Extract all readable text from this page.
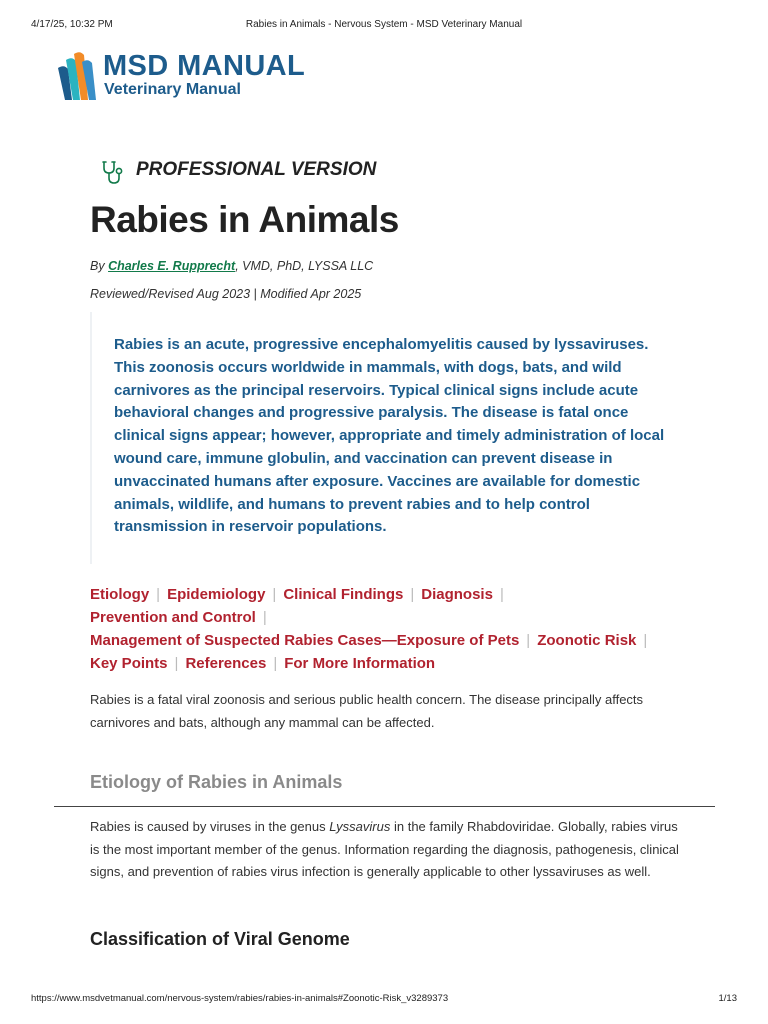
4/17/25, 10:32 PM	Rabies in Animals - Nervous System - MSD Veterinary Manual
MSD MANUAL
Veterinary Manual
PROFESSIONAL VERSION
Rabies in Animals
By Charles E. Rupprecht, VMD, PhD, LYSSA LLC
Reviewed/Revised Aug 2023 | Modified Apr 2025

Rabies is an acute, progressive encephalomyelitis caused by lyssaviruses. This zoonosis occurs worldwide in mammals, with dogs, bats, and wild carnivores as the principal reservoirs. Typical clinical signs include acute behavioral changes and progressive paralysis. The disease is fatal once clinical signs appear; however, appropriate and timely administration of local wound care, immune globulin, and vaccination can prevent disease in unvaccinated humans after exposure. Vaccines are available for domestic animals, wildlife, and humans to prevent rabies and to help control transmission in reservoir populations.

Etiology | Epidemiology | Clinical Findings | Diagnosis |
Prevention and Control |
Management of Suspected Rabies Cases—Exposure of Pets | Zoonotic Risk |
Key Points | References | For More Information

Rabies is a fatal viral zoonosis and serious public health concern. The disease principally affects carnivores and bats, although any mammal can be affected.

Etiology of Rabies in Animals

Rabies is caused by viruses in the genus Lyssavirus in the family Rhabdoviridae. Globally, rabies virus is the most important member of the genus. Information regarding the diagnosis, pathogenesis, clinical signs, and prevention of rabies virus infection is generally applicable to other lyssaviruses as well.

Classification of Viral Genome
https://www.msdvetmanual.com/nervous-system/rabies/rabies-in-animals#Zoonotic-Risk_v3289373	1/13
